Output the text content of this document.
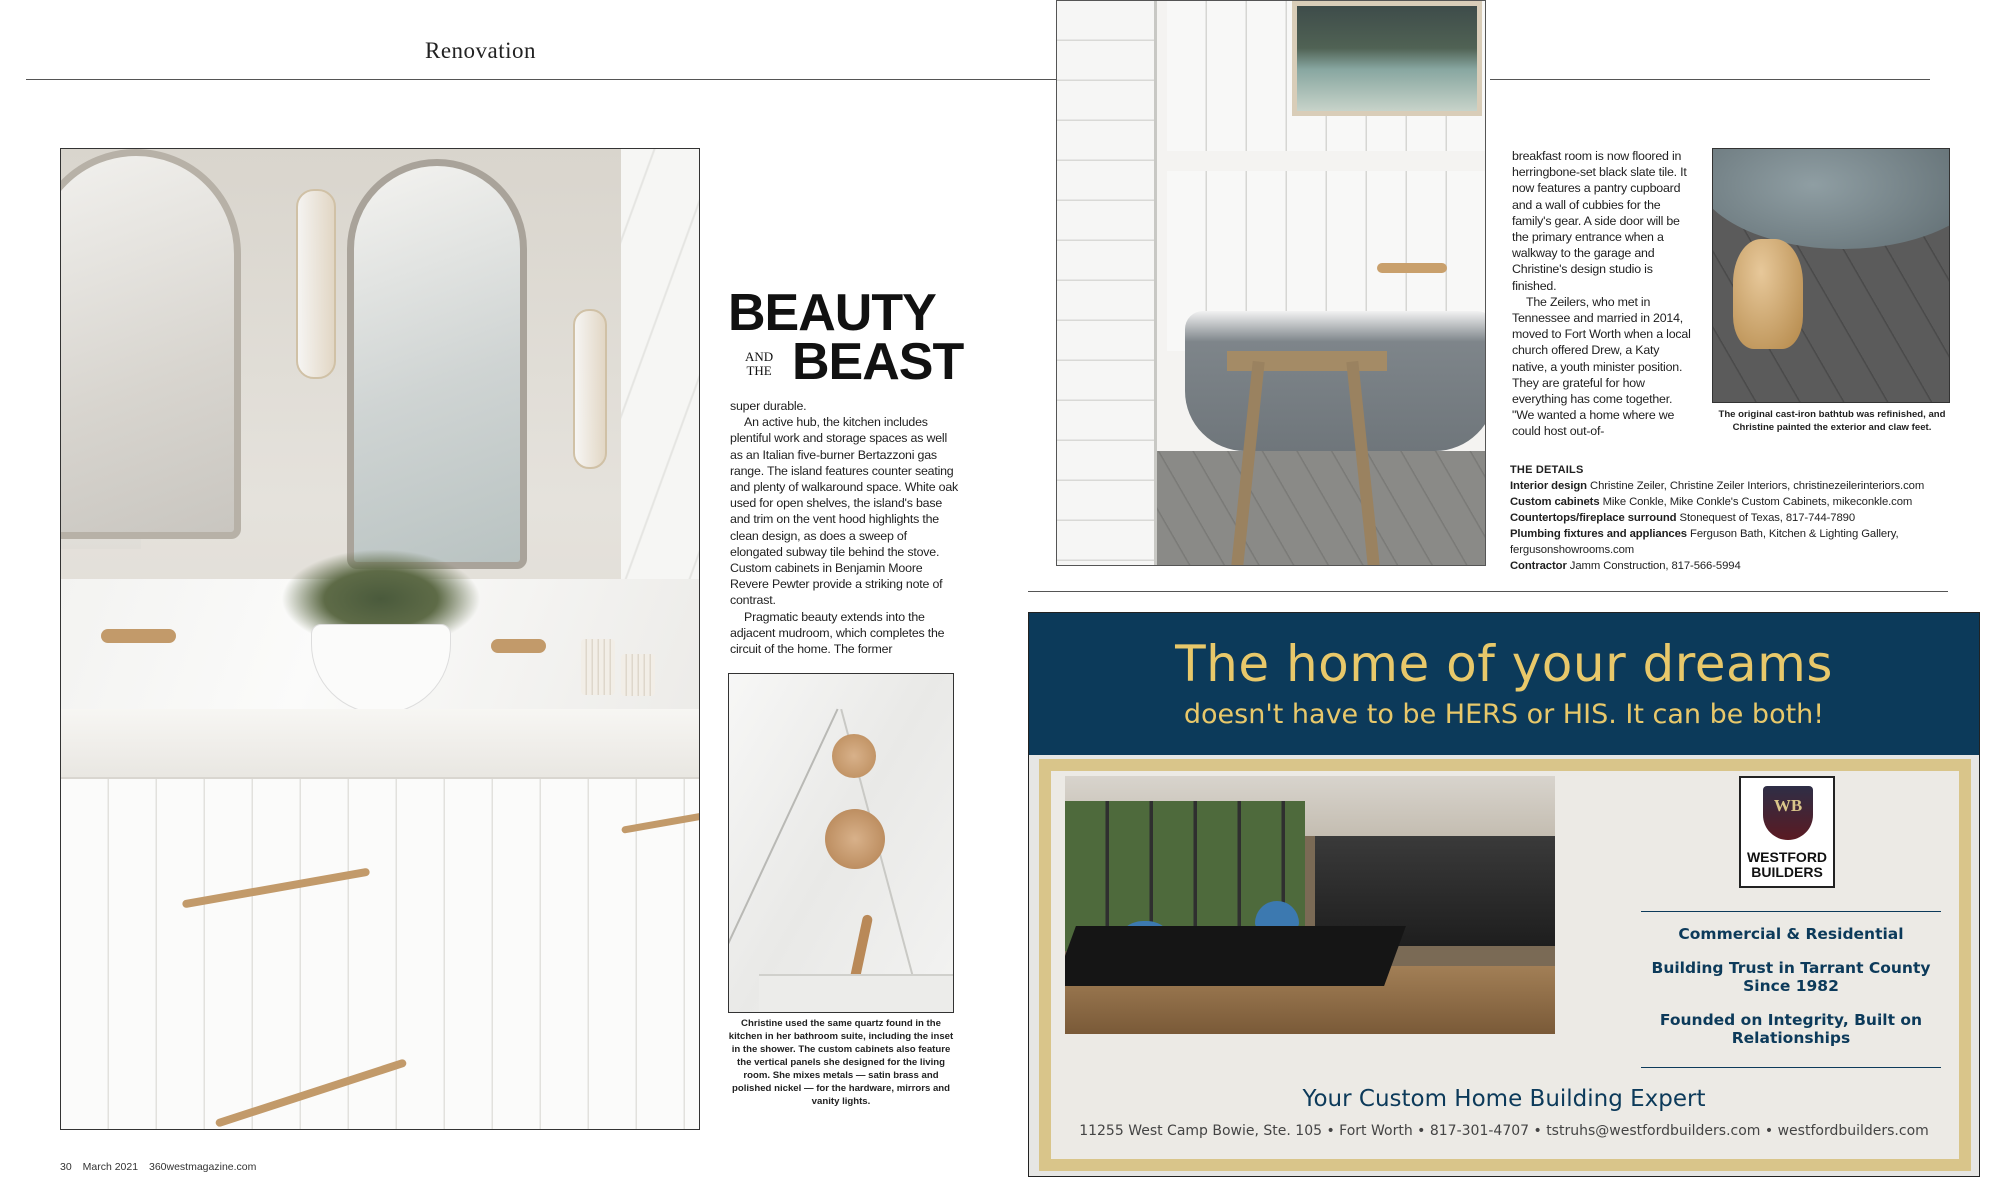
Renovation
BEAUTY
AND
THE BEAST

super durable.

An active hub, the kitchen includes plentiful work and storage spaces as well as an Italian five-burner Bertazzoni gas range. The island features counter seating and plenty of walkaround space. White oak used for open shelves, the island's base and trim on the vent hood highlights the clean design, as does a sweep of elongated subway tile behind the stove. Custom cabinets in Benjamin Moore Revere Pewter provide a striking note of contrast.

Pragmatic beauty extends into the adjacent mudroom, which completes the circuit of the home. The former

Christine used the same quartz found in the kitchen in her bathroom suite, including the inset in the shower. The custom cabinets also feature the vertical panels she designed for the living room. She mixes metals — satin brass and polished nickel — for the hardware, mirrors and vanity lights.

breakfast room is now floored in herringbone-set black slate tile. It now features a pantry cupboard and a wall of cubbies for the family's gear. A side door will be the primary entrance when a walkway to the garage and Christine's design studio is finished.

The Zeilers, who met in Tennessee and married in 2014, moved to Fort Worth when a local church offered Drew, a Katy native, a youth minister position. They are grateful for how everything has come together. "We wanted a home where we could host out-of-

The original cast-iron bathtub was refinished, and Christine painted the exterior and claw feet.
THE DETAILS
Interior design Christine Zeiler, Christine Zeiler Interiors, christinezeilerinteriors.com
Custom cabinets Mike Conkle, Mike Conkle's Custom Cabinets, mikeconkle.com
Countertops/fireplace surround Stonequest of Texas, 817-744-7890
Plumbing fixtures and appliances Ferguson Bath, Kitchen & Lighting Gallery, fergusonshowrooms.com
Contractor Jamm Construction, 817-566-5994
The home of your dreams
doesn't have to be HERS or HIS. It can be both!
WB
WESTFORD
BUILDERS
Commercial & Residential
Building Trust in Tarrant County Since 1982
Founded on Integrity, Built on Relationships
Your Custom Home Building Expert
11255 West Camp Bowie, Ste. 105 • Fort Worth • 817-301-4707 • tstruhs@westfordbuilders.com • westfordbuilders.com
30 March 2021 360westmagazine.com
